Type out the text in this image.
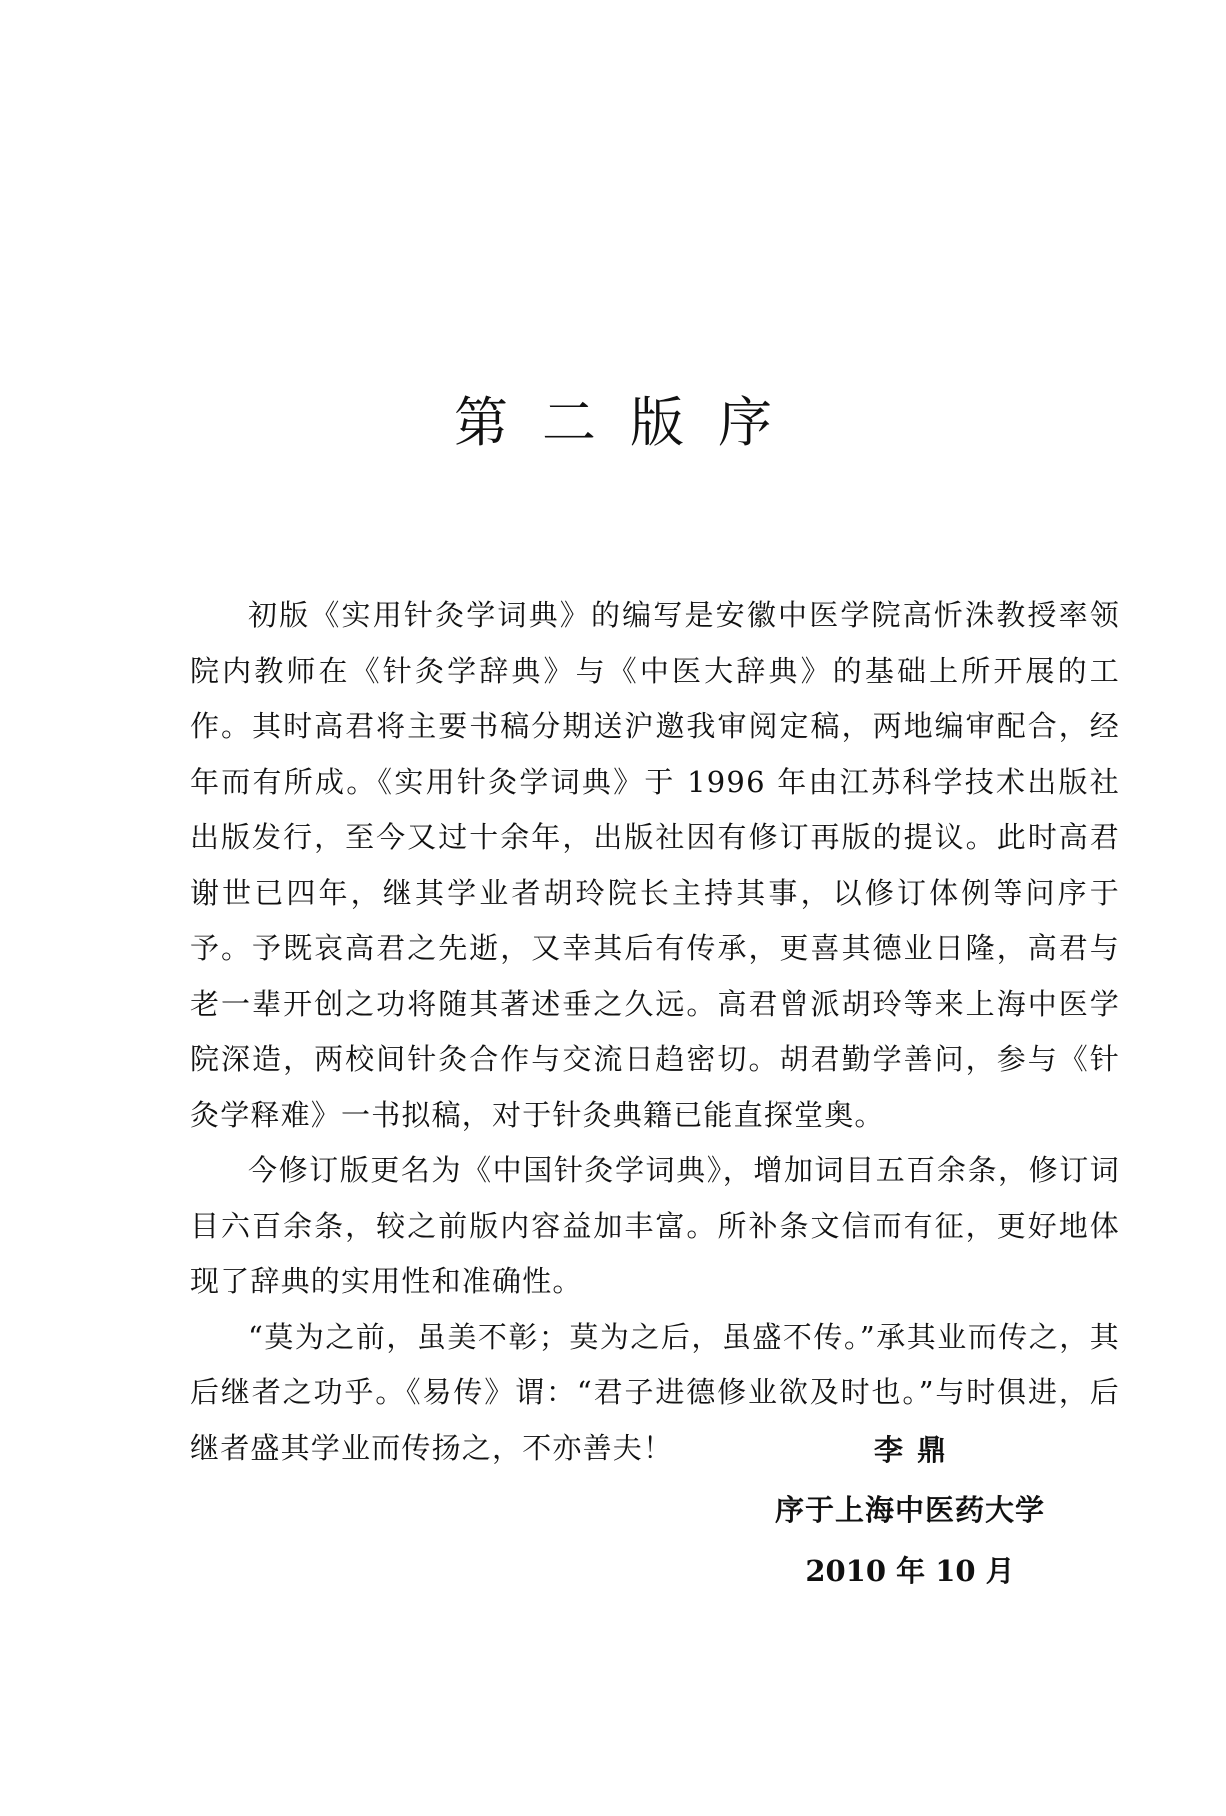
第二版序

初版《实用针灸学词典》的编写是安徽中医学院高忻洙教授率领院内教师在《针灸学辞典》与《中医大辞典》的基础上所开展的工作。其时高君将主要书稿分期送沪邀我审阅定稿，两地编审配合，经年而有所成。《实用针灸学词典》于 1996 年由江苏科学技术出版社出版发行，至今又过十余年，出版社因有修订再版的提议。此时高君谢世已四年，继其学业者胡玲院长主持其事，以修订体例等问序于予。予既哀高君之先逝，又幸其后有传承，更喜其德业日隆，高君与老一辈开创之功将随其著述垂之久远。高君曾派胡玲等来上海中医学院深造，两校间针灸合作与交流日趋密切。胡君勤学善问，参与《针灸学释难》一书拟稿，对于针灸典籍已能直探堂奥。

今修订版更名为《中国针灸学词典》，增加词目五百余条，修订词目六百余条，较之前版内容益加丰富。所补条文信而有征，更好地体现了辞典的实用性和准确性。

“莫为之前，虽美不彰；莫为之后，虽盛不传。”承其业而传之，其后继者之功乎。《易传》谓：“君子进德修业欲及时也。”与时俱进，后继者盛其学业而传扬之，不亦善夫！	李鼎

序于上海中医药大学

2010 年 10 月
